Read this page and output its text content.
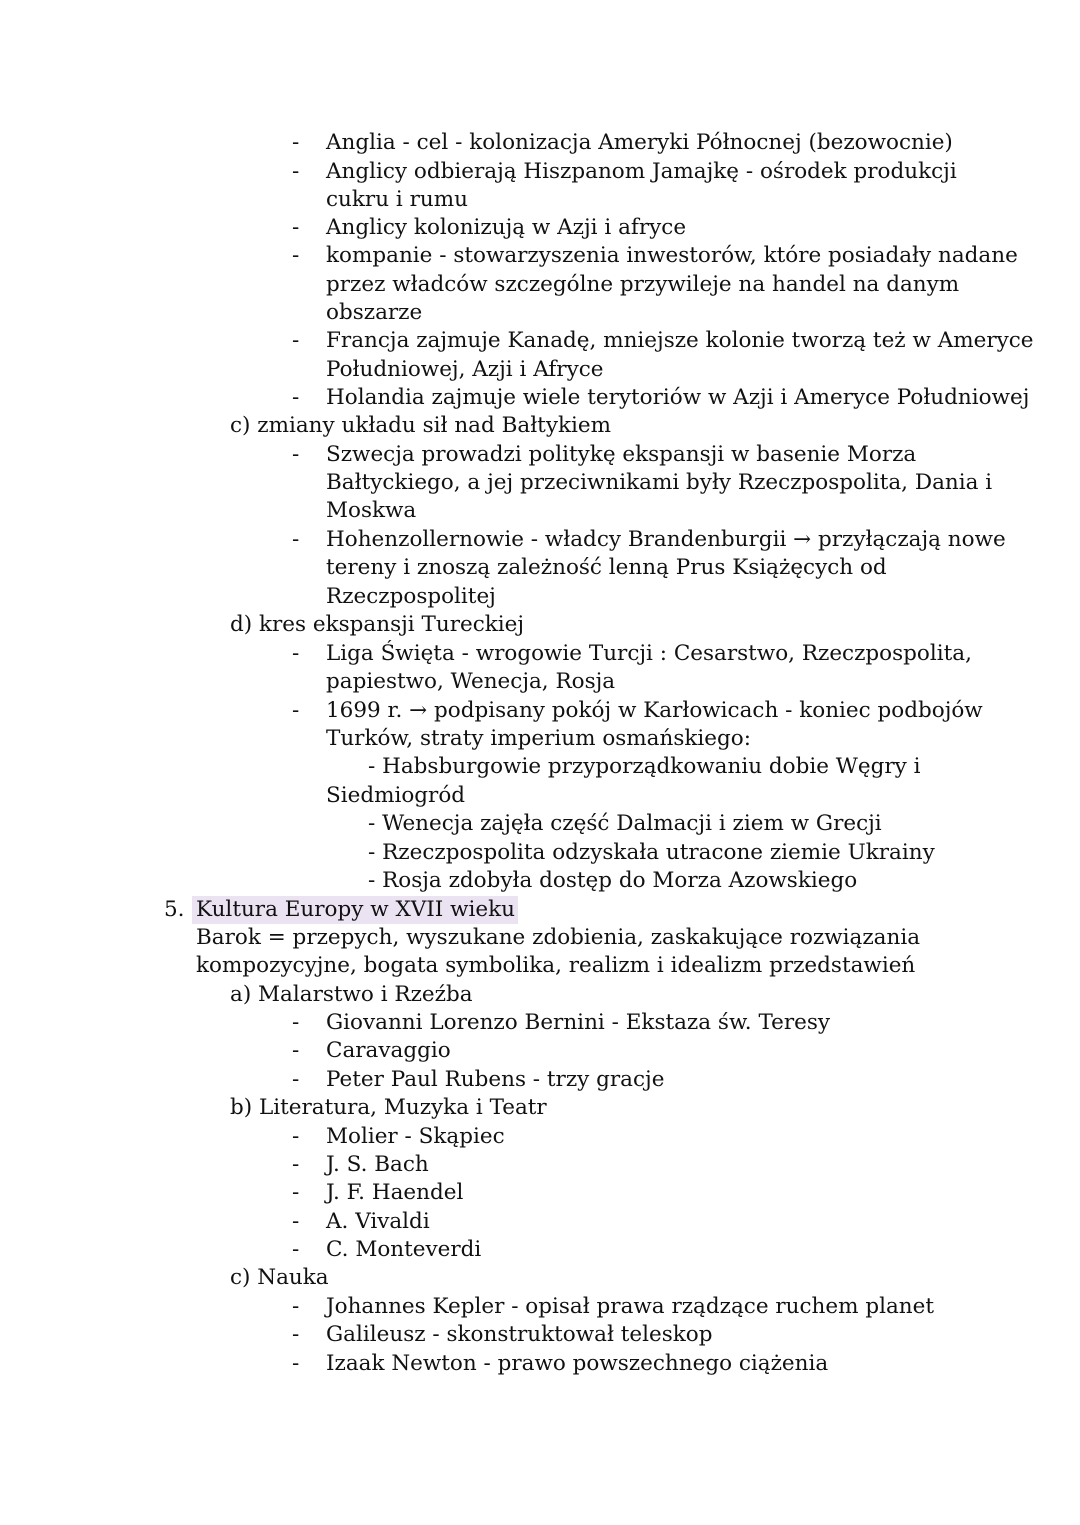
-
-
-
-
-
-
-
-
-
-
-
-
-
-
-
-
-
-
-
-
-
Anglia - cel - kolonizacja Ameryki Północnej (bezowocnie)
Anglicy odbierają Hiszpanom Jamajkę - ośrodek produkcji
cukru i rumu
Anglicy kolonizują w Azji i afryce
kompanie - stowarzyszenia inwestorów, które posiadały nadane
przez władców szczególne przywileje na handel na danym
obszarze
Francja zajmuje Kanadę, mniejsze kolonie tworzą też w Ameryce
Południowej, Azji i Afryce
Holandia zajmuje wiele terytoriów w Azji i Ameryce Południowej
c) zmiany układu sił nad Bałtykiem
Szwecja prowadzi politykę ekspansji w basenie Morza
Bałtyckiego, a jej przeciwnikami były Rzeczpospolita, Dania i
Moskwa
Hohenzollernowie - władcy Brandenburgii → przyłączają nowe
tereny i znoszą zależność lenną Prus Książęcych od
Rzeczpospolitej
d) kres ekspansji Tureckiej
Liga Święta - wrogowie Turcji : Cesarstwo, Rzeczpospolita,
papiestwo, Wenecja, Rosja
1699 r. → podpisany pokój w Karłowicach - koniec podbojów
Turków, straty imperium osmańskiego:
- Habsburgowie przyporządkowaniu dobie Węgry i
Siedmiogród
- Wenecja zajęła część Dalmacji i ziem w Grecji
- Rzeczpospolita odzyskała utracone ziemie Ukrainy
- Rosja zdobyła dostęp do Morza Azowskiego
5. Kultura Europy w XVII wieku
Barok = przepych, wyszukane zdobienia, zaskakujące rozwiązania
kompozycyjne, bogata symbolika, realizm i idealizm przedstawień
a) Malarstwo i Rzeźba
Giovanni Lorenzo Bernini - Ekstaza św. Teresy
Caravaggio
Peter Paul Rubens - trzy gracje
b) Literatura, Muzyka i Teatr
Molier - Skąpiec
J. S. Bach
J. F. Haendel
A. Vivaldi
C. Monteverdi
c) Nauka
Johannes Kepler - opisał prawa rządzące ruchem planet
Galileusz - skonstruktował teleskop
Izaak Newton - prawo powszechnego ciążenia
